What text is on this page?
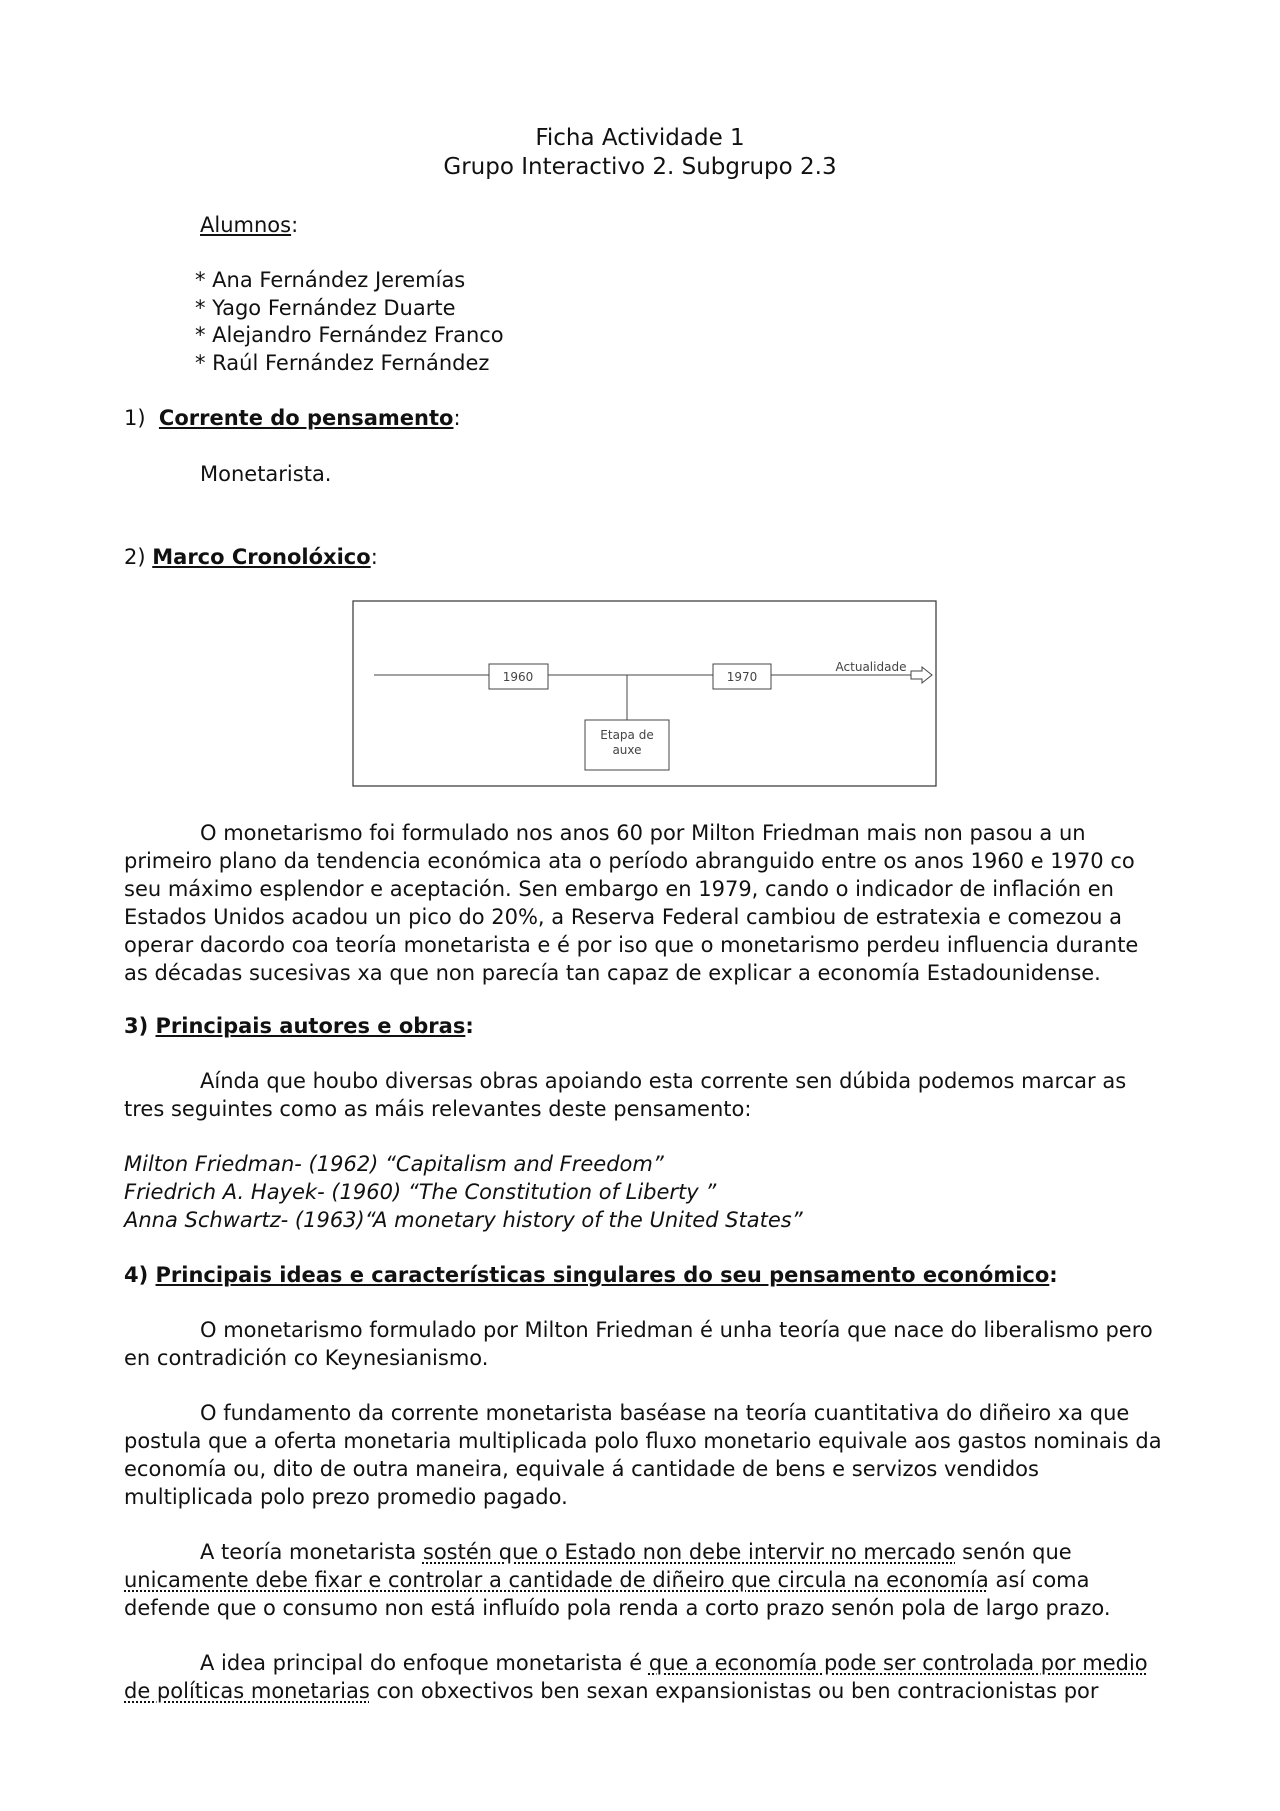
Ficha Actividade 1
Grupo Interactivo 2. Subgrupo 2.3
Alumnos:
* Ana Fernández Jeremías
* Yago Fernández Duarte
* Alejandro Fernández Franco
* Raúl Fernández Fernández
1) Corrente do pensamento:
Monetarista.
2) Marco Cronolóxico:
1960	1970
Actualidade
Etapa de
auxe

O monetarismo foi formulado nos anos 60 por Milton Friedman mais non pasou a un primeiro plano da tendencia económica ata o período abranguido entre os anos 1960 e 1970 co seu máximo esplendor e aceptación. Sen embargo en 1979, cando o indicador de inflación en Estados Unidos acadou un pico do 20%, a Reserva Federal cambiou de estratexia e comezou a operar dacordo coa teoría monetarista e é por iso que o monetarismo perdeu influencia durante as décadas sucesivas xa que non parecía tan capaz de explicar a economía Estadounidense.

3) Principais autores e obras:

Aínda que houbo diversas obras apoiando esta corrente sen dúbida podemos marcar as tres seguintes como as máis relevantes deste pensamento:

Milton Friedman- (1962) “Capitalism and Freedom”
Friedrich A. Hayek- (1960) “The Constitution of Liberty ”
Anna Schwartz- (1963)“A monetary history of the United States”
4) Principais ideas e características singulares do seu pensamento económico:

O monetarismo formulado por Milton Friedman é unha teoría que nace do liberalismo pero en contradición co Keynesianismo.

O fundamento da corrente monetarista baséase na teoría cuantitativa do diñeiro xa que postula que a oferta monetaria multiplicada polo fluxo monetario equivale aos gastos nominais da economía ou, dito de outra maneira, equivale á cantidade de bens e servizos vendidos multiplicada polo prezo promedio pagado.

A teoría monetarista sostén que o Estado non debe intervir no mercado senón que unicamente debe fixar e controlar a cantidade de diñeiro que circula na economía así coma defende que o consumo non está influído pola renda a corto prazo senón pola de largo prazo.

A idea principal do enfoque monetarista é que a economía pode ser controlada por medio de políticas monetarias con obxectivos ben sexan expansionistas ou ben contracionistas por
